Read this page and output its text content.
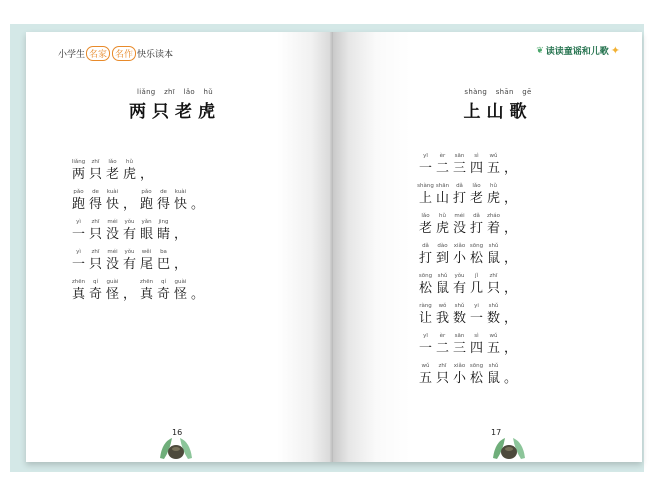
小学生 名家 名作 快乐读本
liǎng zhī lǎo hǔ
两只老虎
liǎng	zhī	lǎo	hǔ
两 只 老 虎 ，
pǎo	de	kuài	pǎo	de	kuài
跑 得 快 ， 跑 得 快 。
yì	zhī	méi	yǒu	yǎn	jing
一 只 没 有 眼 睛 ，
yì	zhī	méi	yǒu	wěi	ba
一 只 没 有 尾 巴 ，
zhēn	qí	guài	zhēn	qí	guài
真 奇 怪 ， 真 奇 怪 。
16
❦ 读读童谣和儿歌 ✦
shàng shān gē
上山歌
yī	èr	sān	sì	wǔ
一 二 三 四 五 ，
shàng shān	dǎ	lǎo	hǔ
上 山 打 老 虎 ，
lǎo	hǔ	méi	dǎ	zháo
老 虎 没 打 着 ，
dǎ	dào	xiǎo sōng shǔ
打 到 小 松 鼠 ，
sōng shǔ	yǒu	jǐ	zhī
松 鼠 有 几 只 ，
ràng	wǒ	shǔ	yi	shǔ
让 我 数 一 数 ，
yī	èr	sān	sì	wǔ
一 二 三 四 五 ，
wǔ	zhī	xiǎo sōng shǔ
五 只 小 松 鼠 。
17
